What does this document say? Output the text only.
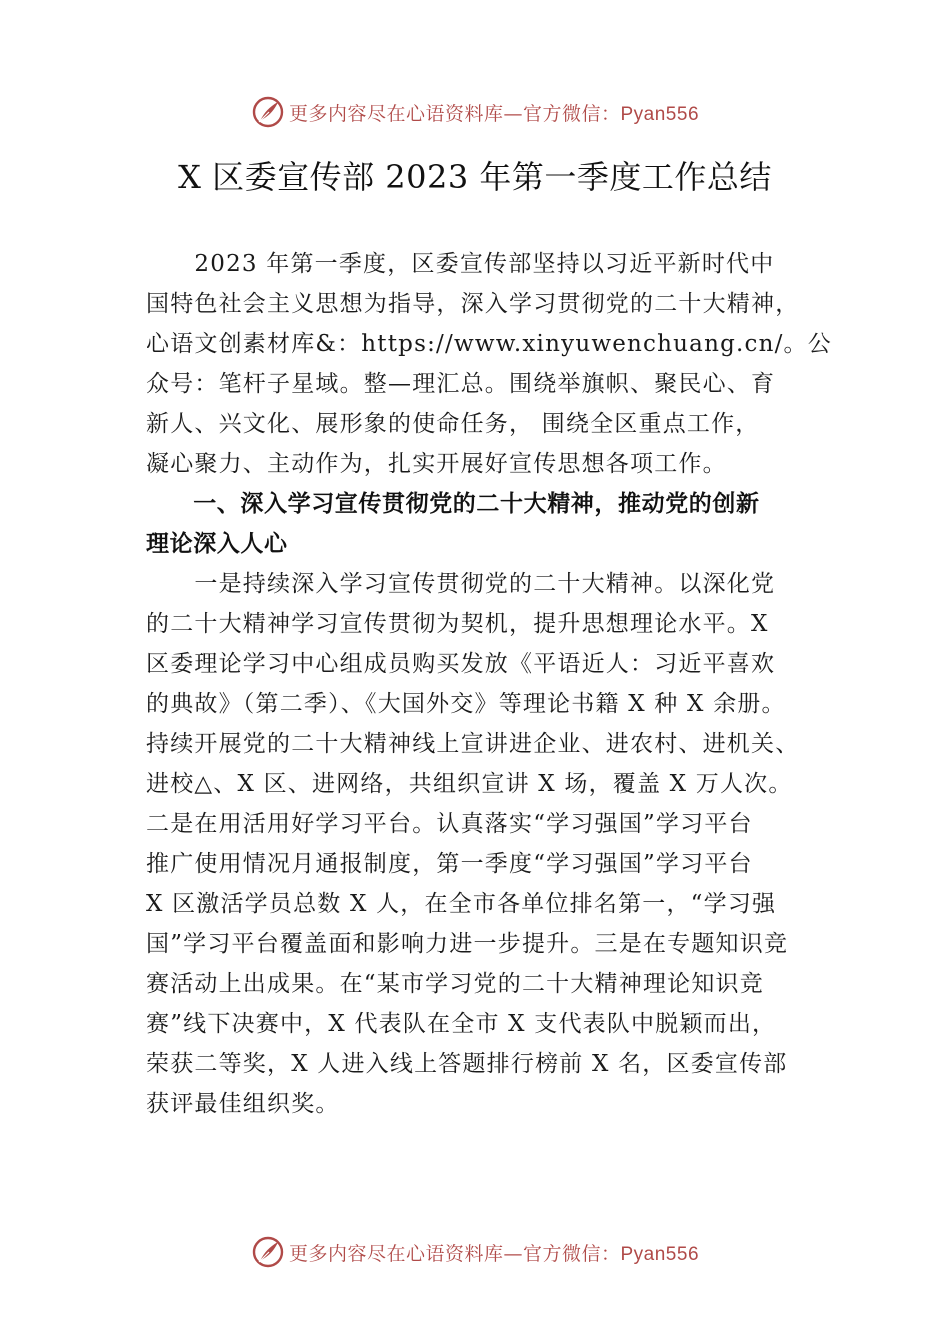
更多内容尽在心语资料库—官方微信：Pyan556
X 区委宣传部 2023 年第一季度工作总结
　　2023 年第一季度，区委宣传部坚持以习近平新时代中
国特色社会主义思想为指导，深入学习贯彻党的二十大精神，
心语文创素材库&：https://www.xinyuwenchuang.cn/。公
众号：笔杆子星域。整—理汇总。围绕举旗帜、聚民心、育
新人、兴文化、展形象的使命任务， 围绕全区重点工作，
凝心聚力、主动作为，扎实开展好宣传思想各项工作。
　　一、深入学习宣传贯彻党的二十大精神，推动党的创新
理论深入人心
　　一是持续深入学习宣传贯彻党的二十大精神。以深化党
的二十大精神学习宣传贯彻为契机，提升思想理论水平。X
区委理论学习中心组成员购买发放《平语近人：习近平喜欢
的典故》（第二季）、《大国外交》等理论书籍 X 种 X 余册。
持续开展党的二十大精神线上宣讲进企业、进农村、进机关、
进校△、X 区、进网络，共组织宣讲 X 场，覆盖 X 万人次。
二是在用活用好学习平台。认真落实“学习强国”学习平台
推广使用情况月通报制度，第一季度“学习强国”学习平台
X 区激活学员总数 X 人，在全市各单位排名第一，“学习强
国”学习平台覆盖面和影响力进一步提升。三是在专题知识竞
赛活动上出成果。在“某市学习党的二十大精神理论知识竞
赛”线下决赛中，X 代表队在全市 X 支代表队中脱颖而出，
荣获二等奖，X 人进入线上答题排行榜前 X 名，区委宣传部
获评最佳组织奖。
更多内容尽在心语资料库—官方微信：Pyan556
